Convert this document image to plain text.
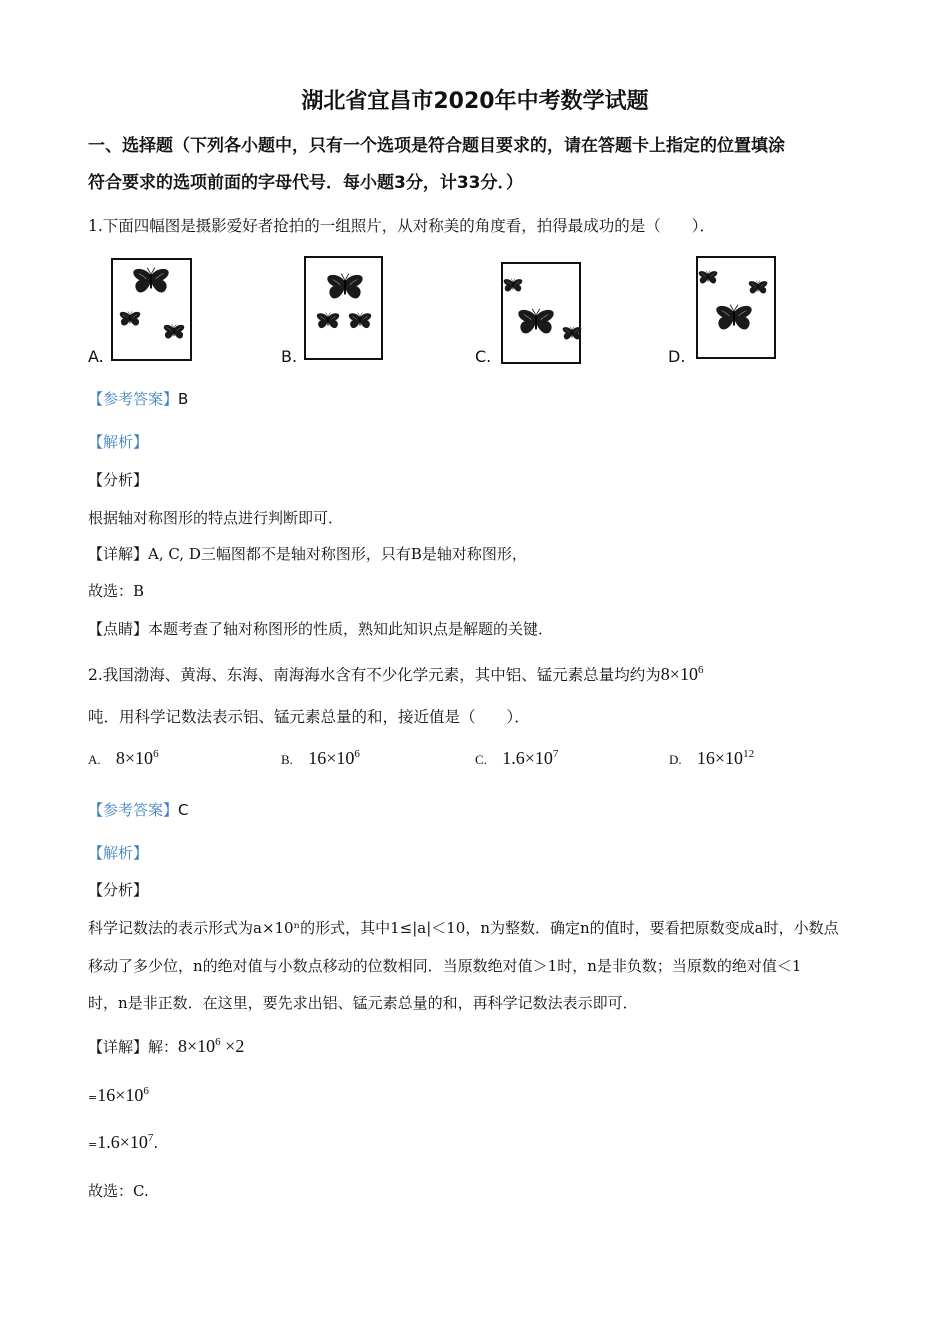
湖北省宜昌市2020年中考数学试题
一、选择题（下列各小题中，只有一个选项是符合题目要求的，请在答题卡上指定的位置填涂
符合要求的选项前面的字母代号．每小题3分，计33分．）
1.下面四幅图是摄影爱好者抢拍的一组照片，从对称美的角度看，拍得最成功的是（　　）．
A.	B.	C.	D.
【参考答案】B
【解析】
【分析】
根据轴对称图形的特点进行判断即可．
【详解】A, C, D三幅图都不是轴对称图形，只有B是轴对称图形，
故选：B
【点睛】本题考查了轴对称图形的性质，熟知此知识点是解题的关键．
2.我国渤海、黄海、东海、南海海水含有不少化学元素，其中铝、锰元素总量均约为$8\times 10^6$
吨．用科学记数法表示铝、锰元素总量的和，接近值是（　　）．
A. $8\times 10^6$	B. $16\times 10^6$	C. $1.6\times 10^7$	D. $16\times 10^{12}$
【参考答案】C
【解析】
【分析】
科学记数法的表示形式为a×10ⁿ的形式，其中1≤|a|＜10，n为整数．确定n的值时，要看把原数变成a时，小数点
移动了多少位，n的绝对值与小数点移动的位数相同．当原数绝对值＞1时，n是非负数；当原数的绝对值＜1
时，n是非正数．在这里，要先求出铝、锰元素总量的和，再科学记数法表示即可．
【详解】解：$8\times 10^6 \times 2$
$=16\times 10^6$
$=1.6\times 10^7$.
故选：C.
